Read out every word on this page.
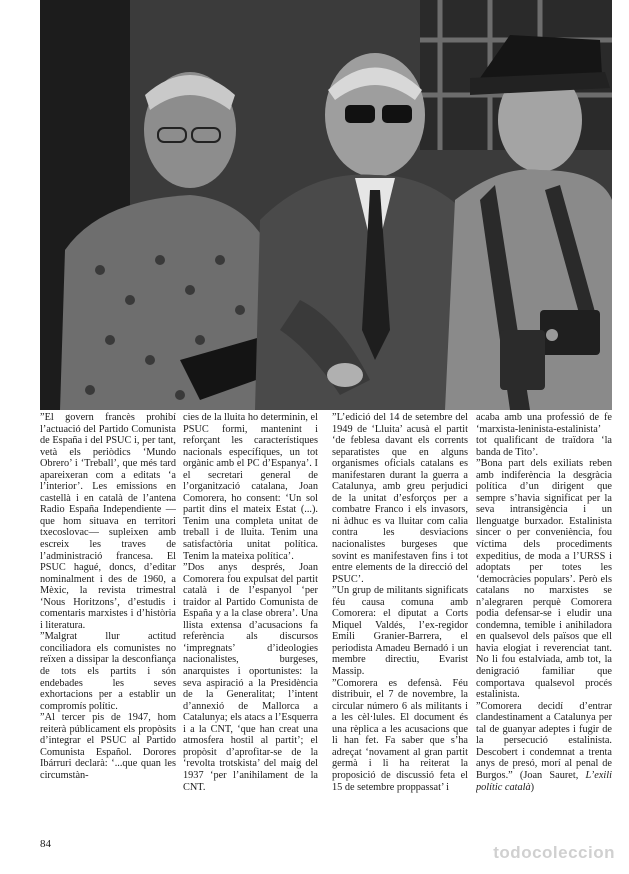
”El govern francès prohibí l’actuació del Partido Comunista de España i del PSUC i, per tant, vetà els periòdics ‘Mundo Obrero’ i ‘Treball’, que més tard apareixeran com a editats ‘a l’interior’. Les emissions en castellà i en català de l’antena Radio España Independiente —que hom situava en territori txecoslovac— supleixen amb escreix les traves de l’administració francesa. El PSUC hagué, doncs, d’editar nominalment i des de 1960, a Mèxic, la revista trimestral ‘Nous Horitzons’, d’estudis i comentaris marxistes i d’història i literatura.

”Malgrat llur actitud conciliadora els comunistes no reïxen a dissipar la desconfiança de tots els partits i són endebades les seves exhortacions per a establir un compromís polític.

”Al tercer pis de 1947, hom reiterà públicament els propòsits d’integrar el PSUC al Partido Comunista Español. Dorores Ibárruri declarà: ‘...que quan les circumstàn-

cies de la lluita ho determinin, el PSUC formi, mantenint i reforçant les característiques nacionals específiques, un tot orgànic amb el PC d’Espanya’. I el secretari general de l’organització catalana, Joan Comorera, ho consent: ‘Un sol partit dins el mateix Estat (...). Tenim una completa unitat de treball i de lluita. Tenim una satisfactòria unitat política. Tenim la mateixa política’.

”Dos anys després, Joan Comorera fou expulsat del partit català i de l’espanyol ‘per traidor al Partido Comunista de España y a la clase obrera’. Una llista extensa d’acusacions fa referència als discursos ‘impregnats’ d’ideologies nacionalistes, burgeses, anarquistes i oportunistes: la seva aspiració a la Presidència de la Generalitat; l’intent d’annexió de Mallorca a Catalunya; els atacs a l’Esquerra i a la CNT, ‘que han creat una atmosfera hostil al partit’; el propòsit d’aprofitar-se de la ‘revolta trotskista’ del maig del 1937 ‘per l’anihilament de la CNT.

”L’edició del 14 de setembre del 1949 de ‘Lluita’ acusà el partit ‘de feblesa davant els corrents separatistes que en alguns organismes oficials catalans es manifestaren durant la guerra a Catalunya, amb greu perjudici de la unitat d’esforços per a combatre Franco i els invasors, ni àdhuc es va lluitar com calia contra les desviacions nacionalistes burgeses que sovint es manifestaven fins i tot entre elements de la direcció del PSUC’.

”Un grup de militants significats féu causa comuna amb Comorera: el diputat a Corts Miquel Valdés, l’ex-regidor Emili Granier-Barrera, el periodista Amadeu Bernadó i un membre directiu, Evarist Massip.

”Comorera es defensà. Féu distribuir, el 7 de novembre, la circular número 6 als militants i a les cèl·lules. El document és una rèplica a les acusacions que li han fet. Fa saber que s’ha adreçat ‘novament al gran partit germà i li ha reiterat la proposició de discussió feta el 15 de setembre proppassat’ i

acaba amb una professió de fe ‘marxista-leninista-estalinista’ tot qualificant de traïdora ‘la banda de Tito’.

”Bona part dels exiliats reben amb indiferència la desgràcia política d’un dirigent que sempre s’havia significat per la seva intransigència i un llenguatge burxador. Estalinista sincer o per conveniència, fou víctima dels procediments expeditius, de moda a l’URSS i adoptats per totes les ‘democràcies populars’. Però els catalans no marxistes se n’alegraren perquè Comorera podia defensar-se i eludir una condemna, temible i anihiladora en qualsevol dels països que ell havia elogiat i reverenciat tant. No li fou estalviada, amb tot, la denigració familiar que comportava qualsevol procés estalinista.

”Comorera decidí d’entrar clandestinament a Catalunya per tal de guanyar adeptes i fugir de la persecució estalinista. Descobert i condemnat a trenta anys de presó, morí al penal de Burgos.” (Joan Sauret, L’exili polític català)

84	todocoleccion
